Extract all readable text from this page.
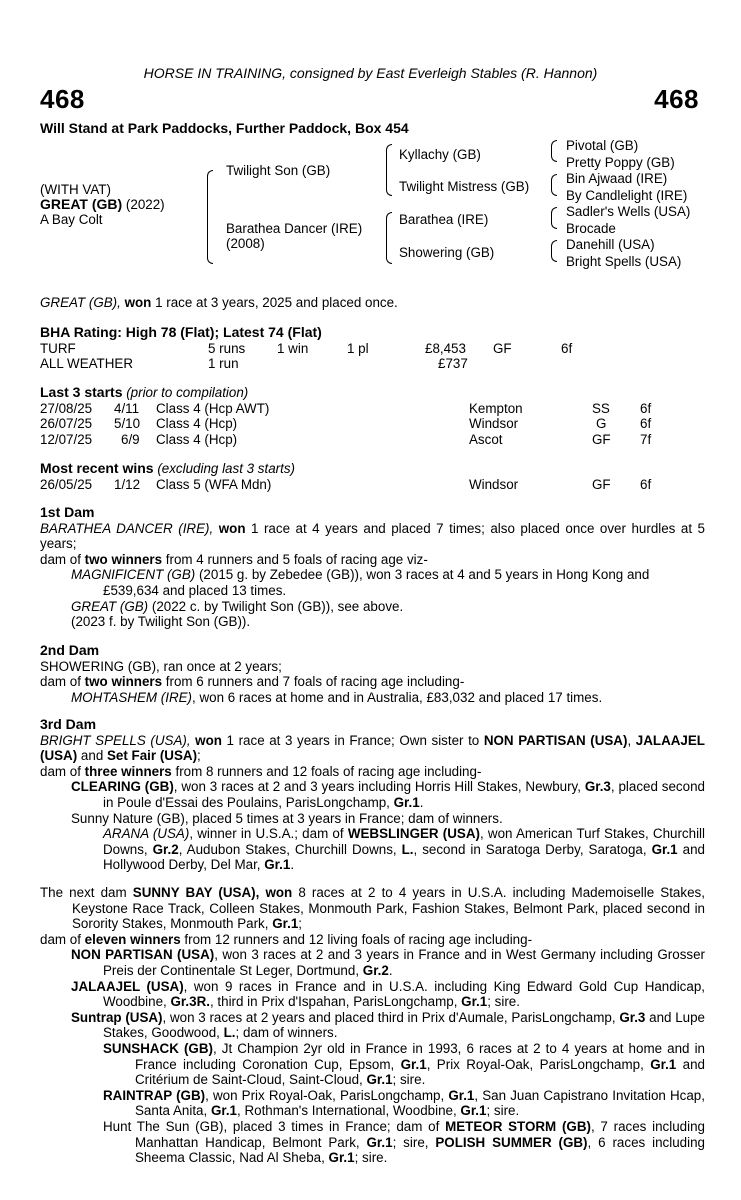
HORSE IN TRAINING, consigned by East Everleigh Stables (R. Hannon)
468	468
Will Stand at Park Paddocks, Further Paddock, Box 454
(WITH VAT)
GREAT (GB) (2022)
A Bay Colt
Twilight Son (GB)
Barathea Dancer (IRE)
(2008)
Kyllachy (GB)
Twilight Mistress (GB)
Barathea (IRE)
Showering (GB)
Pivotal (GB)
Pretty Poppy (GB)
Bin Ajwaad (IRE)
By Candlelight (IRE)
Sadler's Wells (USA)
Brocade
Danehill (USA)
Bright Spells (USA)
GREAT (GB), won 1 race at 3 years, 2025 and placed once.
BHA Rating: High 78 (Flat); Latest 74 (Flat)
TURF	5 runs 1 win	1 pl	£8,453 GF	6f
ALL WEATHER	1 run	£737
Last 3 starts (prior to compilation)
27/08/25 4/11 Class 4 (Hcp AWT)	Kempton	SS 6f
26/07/25 5/10 Class 4 (Hcp)	Windsor	G	6f
12/07/25 6/9 Class 4 (Hcp)	Ascot	GF 7f
Most recent wins (excluding last 3 starts)
26/05/25 1/12 Class 5 (WFA Mdn)	Windsor	GF 6f
1st Dam

BARATHEA DANCER (IRE), won 1 race at 4 years and placed 7 times; also placed once over hurdles at 5 years;

dam of two winners from 4 runners and 5 foals of racing age viz-

MAGNIFICENT (GB) (2015 g. by Zebedee (GB)), won 3 races at 4 and 5 years in Hong Kong and £539,634 and placed 13 times.

GREAT (GB) (2022 c. by Twilight Son (GB)), see above.

(2023 f. by Twilight Son (GB)).

2nd Dam

SHOWERING (GB), ran once at 2 years;

dam of two winners from 6 runners and 7 foals of racing age including-

MOHTASHEM (IRE), won 6 races at home and in Australia, £83,032 and placed 17 times.

3rd Dam

BRIGHT SPELLS (USA), won 1 race at 3 years in France; Own sister to NON PARTISAN (USA), JALAAJEL (USA) and Set Fair (USA);

dam of three winners from 8 runners and 12 foals of racing age including-

CLEARING (GB), won 3 races at 2 and 3 years including Horris Hill Stakes, Newbury, Gr.3, placed second in Poule d'Essai des Poulains, ParisLongchamp, Gr.1.

Sunny Nature (GB), placed 5 times at 3 years in France; dam of winners.

ARANA (USA), winner in U.S.A.; dam of WEBSLINGER (USA), won American Turf Stakes, Churchill Downs, Gr.2, Audubon Stakes, Churchill Downs, L., second in Saratoga Derby, Saratoga, Gr.1 and Hollywood Derby, Del Mar, Gr.1.

The next dam SUNNY BAY (USA), won 8 races at 2 to 4 years in U.S.A. including Mademoiselle Stakes, Keystone Race Track, Colleen Stakes, Monmouth Park, Fashion Stakes, Belmont Park, placed second in Sorority Stakes, Monmouth Park, Gr.1;

dam of eleven winners from 12 runners and 12 living foals of racing age including-

NON PARTISAN (USA), won 3 races at 2 and 3 years in France and in West Germany including Grosser Preis der Continentale St Leger, Dortmund, Gr.2.

JALAAJEL (USA), won 9 races in France and in U.S.A. including King Edward Gold Cup Handicap, Woodbine, Gr.3R., third in Prix d'Ispahan, ParisLongchamp, Gr.1; sire.

Suntrap (USA), won 3 races at 2 years and placed third in Prix d'Aumale, ParisLongchamp, Gr.3 and Lupe Stakes, Goodwood, L.; dam of winners.

SUNSHACK (GB), Jt Champion 2yr old in France in 1993, 6 races at 2 to 4 years at home and in France including Coronation Cup, Epsom, Gr.1, Prix Royal-Oak, ParisLongchamp, Gr.1 and Critérium de Saint-Cloud, Saint-Cloud, Gr.1; sire.

RAINTRAP (GB), won Prix Royal-Oak, ParisLongchamp, Gr.1, San Juan Capistrano Invitation Hcap, Santa Anita, Gr.1, Rothman's International, Woodbine, Gr.1; sire.

Hunt The Sun (GB), placed 3 times in France; dam of METEOR STORM (GB), 7 races including Manhattan Handicap, Belmont Park, Gr.1; sire, POLISH SUMMER (GB), 6 races including Sheema Classic, Nad Al Sheba, Gr.1; sire.
